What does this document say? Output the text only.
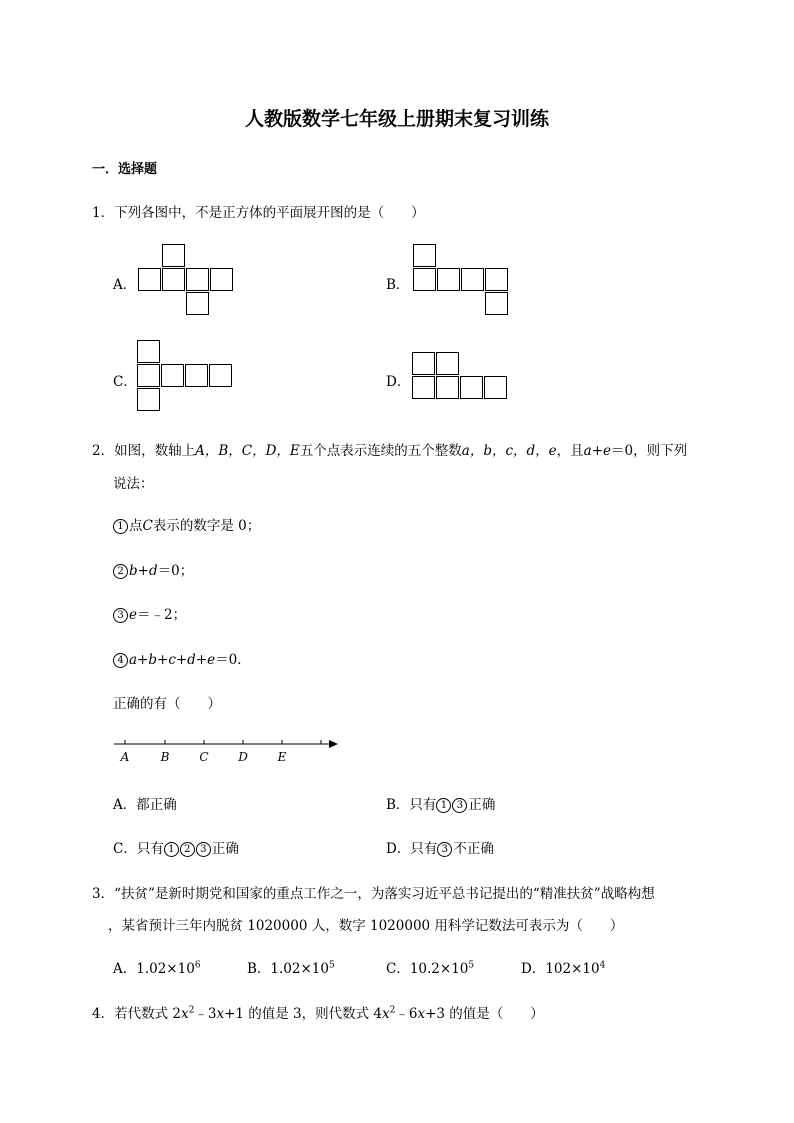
人教版数学七年级上册期末复习训练
一．选择题
1．下列各图中，不是正方体的平面展开图的是（　　）
A．	B．
C．	D．
2．如图，数轴上A，B，C，D，E五个点表示连续的五个整数a，b，c，d，e，且a+e＝0，则下列
说法：
1 点C表示的数字是 0；
2 b+d＝0；
3 e＝﹣2；
4 a+b+c+d+e＝0．
正确的有（　　）
A	B C D E
A．都正确	B．只有 1 3 正确
C．只有 1 2 3 正确	D．只有 3 不正确
3．“扶贫”是新时期党和国家的重点工作之一，为落实习近平总书记提出的“精准扶贫”战略构想
，某省预计三年内脱贫 1020000 人，数字 1020000 用科学记数法可表示为（　　）
A．$1.02\times 10^6$	B．$1.02\times 10^5$	C．$10.2\times 10^5$	D．$102\times 10^4$
4．若代数式 $2x^2﹣3x+1$ 的值是 3，则代数式 $4x^2﹣6x+3$ 的值是（　　）
